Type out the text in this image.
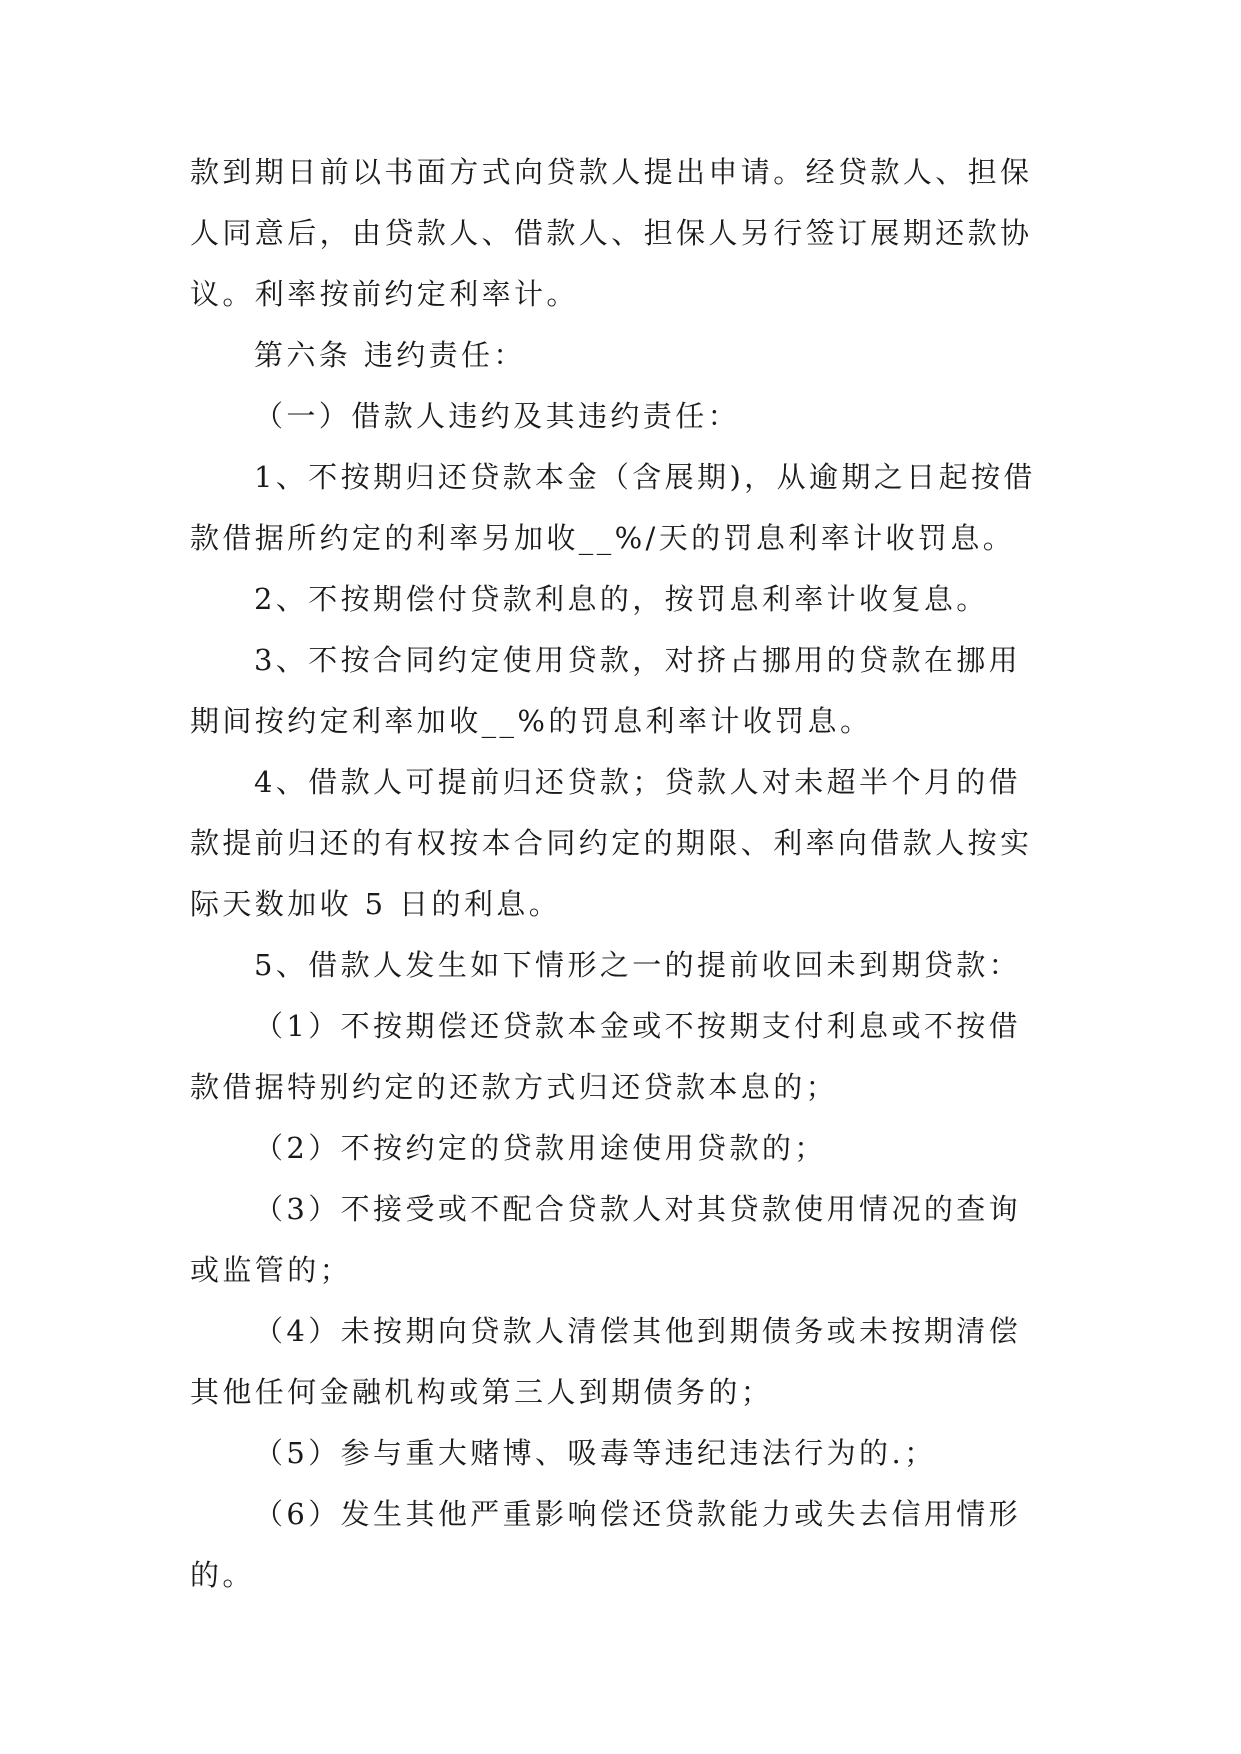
款到期日前以书面方式向贷款人提出申请。经贷款人、担保
人同意后，由贷款人、借款人、担保人另行签订展期还款协
议。利率按前约定利率计。
第六条 违约责任：
（一）借款人违约及其违约责任：
1、不按期归还贷款本金（含展期)，从逾期之日起按借
款借据所约定的利率另加收__%/天的罚息利率计收罚息。
2、不按期偿付贷款利息的，按罚息利率计收复息。
3、不按合同约定使用贷款，对挤占挪用的贷款在挪用
期间按约定利率加收__%的罚息利率计收罚息。
4、借款人可提前归还贷款；贷款人对未超半个月的借
款提前归还的有权按本合同约定的期限、利率向借款人按实
际天数加收 5 日的利息。
5、借款人发生如下情形之一的提前收回未到期贷款：
（1）不按期偿还贷款本金或不按期支付利息或不按借
款借据特别约定的还款方式归还贷款本息的；
（2）不按约定的贷款用途使用贷款的；
（3）不接受或不配合贷款人对其贷款使用情况的查询
或监管的；
（4）未按期向贷款人清偿其他到期债务或未按期清偿
其他任何金融机构或第三人到期债务的；
（5）参与重大赌博、吸毒等违纪违法行为的.；
（6）发生其他严重影响偿还贷款能力或失去信用情形
的。
